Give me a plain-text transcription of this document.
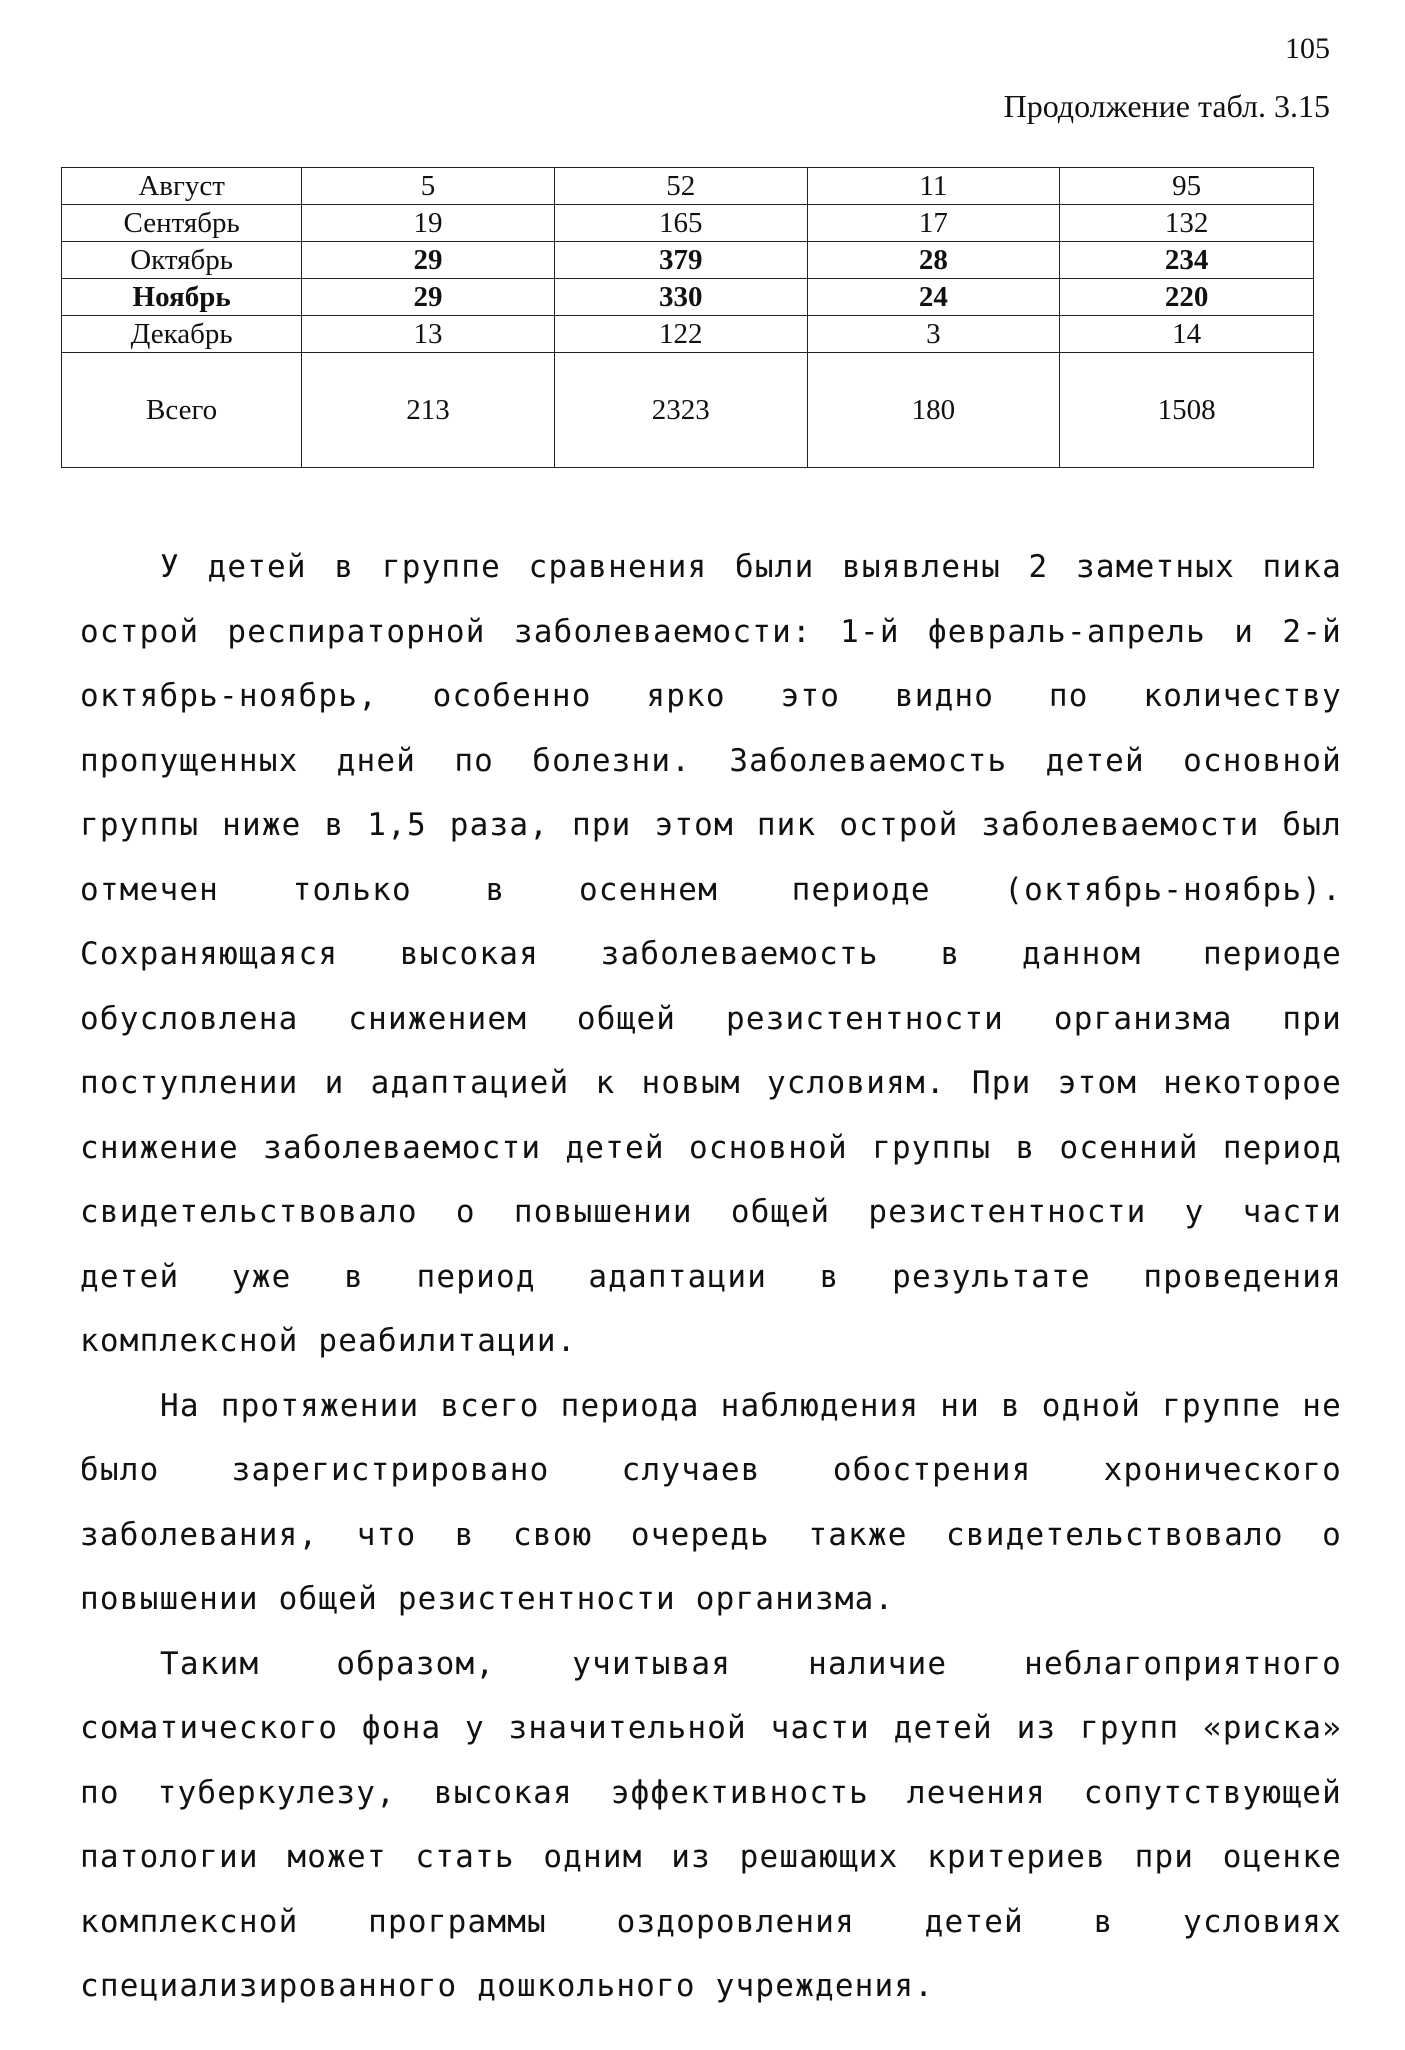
105
Продолжение табл. 3.15
Август	5	52	11	95
Сентябрь	19	165	17	132
Октябрь	29	379	28	234
Ноябрь	29	330	24	220
Декабрь	13	122	3	14
Всего	213	2323	180	1508

У детей в группе сравнения были выявлены 2 заметных пика острой респираторной заболеваемости: 1-й февраль-апрель и 2-й октябрь-ноябрь, особенно ярко это видно по количеству пропущенных дней по болезни. Заболеваемость детей основной группы ниже в 1,5 раза, при этом пик острой заболеваемости был отмечен только в осеннем периоде (октябрь-ноябрь). Сохраняющаяся высокая заболеваемость в данном периоде обусловлена снижением общей резистентности организма при поступлении и адаптацией к новым условиям. При этом некоторое снижение заболеваемости детей основной группы в осенний период свидетельствовало о повышении общей резистентности у части детей уже в период адаптации в результате проведения комплексной реабилитации.

На протяжении всего периода наблюдения ни в одной группе не было зарегистрировано случаев обострения хронического заболевания, что в свою очередь также свидетельствовало о повышении общей резистентности организма.

Таким образом, учитывая наличие неблагоприятного соматического фона у значительной части детей из групп «риска» по туберкулезу, высокая эффективность лечения сопутствующей патологии может стать одним из решающих критериев при оценке комплексной программы оздоровления детей в условиях специализированного дошкольного учреждения.
